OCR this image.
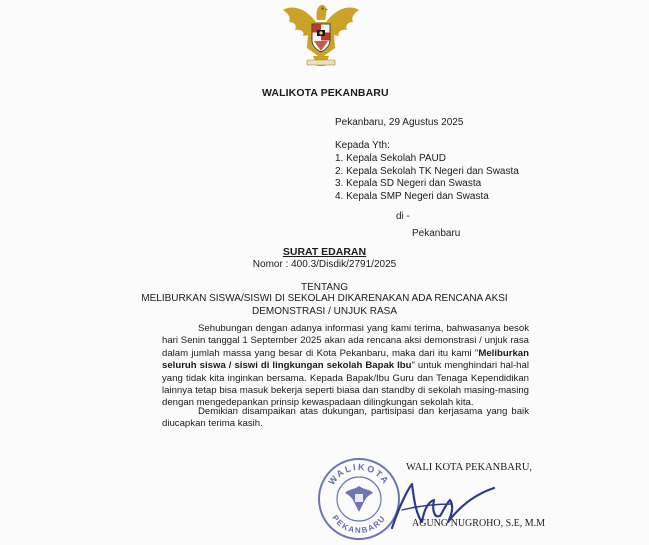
WALIKOTA PEKANBARU
Pekanbaru, 29 Agustus 2025
Kepada Yth:
1. Kepala Sekolah PAUD
2. Kepala Sekolah TK Negeri dan Swasta
3. Kepala SD Negeri dan Swasta
4. Kepala SMP Negeri dan Swasta
di -
Pekanbaru
SURAT EDARAN
Nomor : 400.3/Disdik/2791/2025
TENTANG
MELIBURKAN SISWA/SISWI DI SEKOLAH DIKARENAKAN ADA RENCANA AKSI
DEMONSTRASI / UNJUK RASA

Sehubungan dengan adanya informasi yang kami terima, bahwasanya besok hari Senin tanggal 1 September 2025 akan ada rencana aksi demonstrasi / unjuk rasa dalam jumlah massa yang besar di Kota Pekanbaru, maka dari itu kami "Meliburkan seluruh siswa / siswi di lingkungan sekolah Bapak Ibu" untuk menghindari hal-hal yang tidak kita inginkan bersama. Kepada Bapak/Ibu Guru dan Tenaga Kependidikan lainnya tetap bisa masuk bekerja seperti biasa dan standby di sekolah masing-masing dengan mengedepankan prinsip kewaspadaan dilingkungan sekolah kita.

Demikian disampaikan atas dukungan, partisipasi dan kerjasama yang baik diucapkan terima kasih.

WALIKOTA
PEKANBARU
WALI KOTA PEKANBARU,
AGUNG NUGROHO, S.E, M.M
